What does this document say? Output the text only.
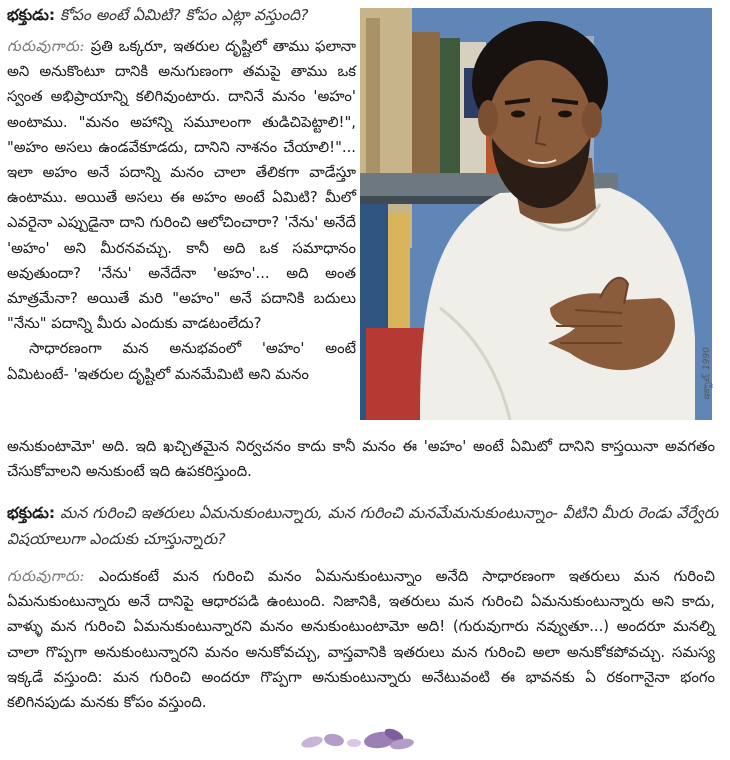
భక్తుడు: కోపం అంటే ఏమిటి? కోపం ఎట్లా వస్తుంది?

గురువుగారు: ప్రతి ఒక్కరూ, ఇతరుల దృష్టిలో తాము ఫలానా అని అనుకొంటూ దానికి అనుగుణంగా తమపై తాము ఒక స్వంత అభిప్రాయాన్ని కలిగివుంటారు. దానినే మనం 'అహం' అంటాము. "మనం అహాన్ని సమూలంగా తుడిచిపెట్టాలి!", "అహం అసలు ఉండవేకూడదు, దానిని నాశనం చేయాలి!"... ఇలా అహం అనే పదాన్ని మనం చాలా తేలికగా వాడేస్తూ ఉంటాము. అయితే అసలు ఈ అహం అంటే ఏమిటి? మీలో ఎవరైనా ఎప్పుడైనా దాని గురించి ఆలోచించారా? 'నేను' అనేదే 'అహం' అని మీరనవచ్చు. కానీ అది ఒక సమాధానం అవుతుందా? 'నేను' అనేదేనా 'అహం'... అది అంత మాత్రమేనా? అయితే మరి "అహం" అనే పదానికి బదులు "నేను" పదాన్ని మీరు ఎందుకు వాడటంలేదు?

సాధారణంగా మన అనుభవంలో 'అహం' అంటే ఏమిటంటే- 'ఇతరుల దృష్టిలో మనమేమిటి అని మనం

అనుకుంటామో' అది. ఇది ఖచ్చితమైన నిర్వచనం కాదు కానీ మనం ఈ 'అహం' అంటే ఏమిటో దానిని కాస్తయినా అవగతం చేసుకోవాలని అనుకుంటే ఇది ఉపకరిస్తుంది.

ఇక్బాల్, 1990
భక్తుడు: మన గురించి ఇతరులు ఏమనుకుంటున్నారు, మన గురించి మనమేమనుకుంటున్నాం- వీటిని మీరు రెండు వేర్వేరు విషయాలుగా ఎందుకు చూస్తున్నారు?

గురువుగారు: ఎందుకంటే మన గురించి మనం ఏమనుకుంటున్నాం అనేది సాధారణంగా ఇతరులు మన గురించి ఏమనుకుంటున్నారు అనే దానిపై ఆధారపడి ఉంటుంది. నిజానికి, ఇతరులు మన గురించి ఏమనుకుంటున్నారు అని కాదు, వాళ్ళు మన గురించి ఏమనుకుంటున్నారని మనం అనుకుంటుంటామో అది! (గురువుగారు నవ్వుతూ...) అందరూ మనల్ని చాలా గొప్పగా అనుకుంటున్నారని మనం అనుకోవచ్చు, వాస్తవానికి ఇతరులు మన గురించి అలా అనుకోకపోవచ్చు. సమస్య ఇక్కడే వస్తుంది: మన గురించి అందరూ గొప్పగా అనుకుంటున్నారు అనేటువంటి ఈ భావనకు ఏ రకంగానైనా భంగం కలిగినపుడు మనకు కోపం వస్తుంది.
